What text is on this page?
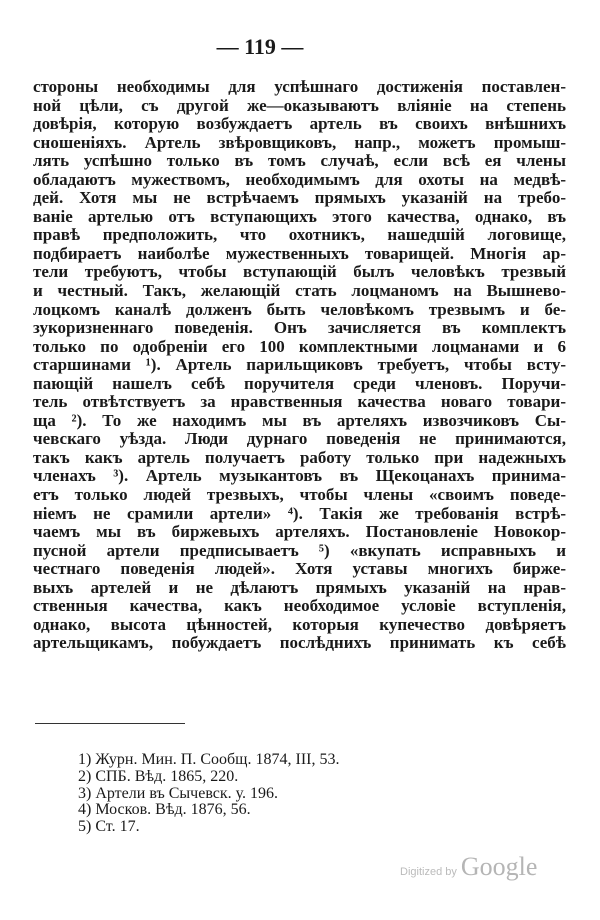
— 119 —
стороны необходимы для успѣшнаго достиженія поставлен-
ной цѣли, съ другой же—оказываютъ вліяніе на степень
довѣрія, которую возбуждаетъ артель въ своихъ внѣшнихъ
сношеніяхъ. Артель звѣровщиковъ, напр., можетъ промыш-
лять успѣшно только въ томъ случаѣ, если всѣ ея члены
обладаютъ мужествомъ, необходимымъ для охоты на медвѣ-
дей. Хотя мы не встрѣчаемъ прямыхъ указаній на требо-
ваніе артелью отъ вступающихъ этого качества, однако, въ
правѣ предположить, что охотникъ, нашедшій логовище,
подбираетъ наиболѣе мужественныхъ товарищей. Многія ар-
тели требуютъ, чтобы вступающій былъ человѣкъ трезвый
и честный. Такъ, желающій стать лоцманомъ на Вышнево-
лоцкомъ каналѣ долженъ быть человѣкомъ трезвымъ и бе-
зукоризненнаго поведенія. Онъ зачисляется въ комплектъ
только по одобреніи его 100 комплектными лоцманами и 6
старшинами ¹). Артель парильщиковъ требуетъ, чтобы всту-
пающій нашелъ себѣ поручителя среди членовъ. Поручи-
тель отвѣтствуетъ за нравственныя качества новаго товари-
ща ²). То же находимъ мы въ артеляхъ извозчиковъ Сы-
чевскаго уѣзда. Люди дурнаго поведенія не принимаются,
такъ какъ артель получаетъ работу только при надежныхъ
членахъ ³). Артель музыкантовъ въ Щекоцанахъ принима-
етъ только людей трезвыхъ, чтобы члены «своимъ поведе-
ніемъ не срамили артели» ⁴). Такія же требованія встрѣ-
чаемъ мы въ биржевыхъ артеляхъ. Постановленіе Новокор-
пусной артели предписываетъ ⁵) «вкупать исправныхъ и
честнаго поведенія людей». Хотя уставы многихъ бирже-
выхъ артелей и не дѣлаютъ прямыхъ указаній на нрав-
ственныя качества, какъ необходимое условіе вступленія,
однако, высота цѣнностей, которыя купечество довѣряетъ
артельщикамъ, побуждаетъ послѣднихъ принимать къ себѣ
1) Журн. Мин. П. Сообщ. 1874, III, 53.
2) СПБ. Вѣд. 1865, 220.
3) Артели въ Сычевск. у. 196.
4) Москов. Вѣд. 1876, 56.
5) Ст. 17.
Digitized by Google
